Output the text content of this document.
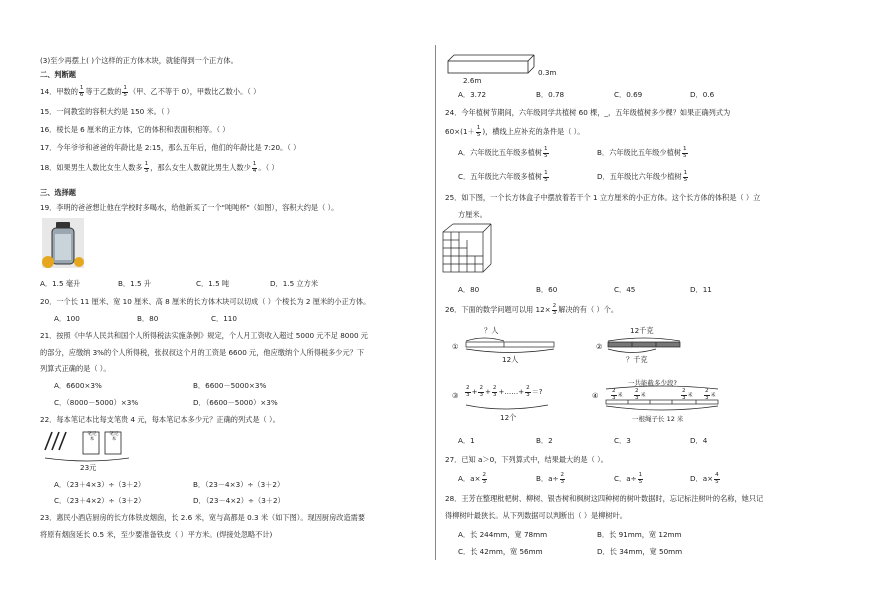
(3)至少再摆上( )个这样的正方体木块，就能得到一个正方体。
二、判断题
14．甲数的 $\frac{1}{6}$ 等于乙数的 $\frac{1}{5}$ （甲、乙不等于 0），甲数比乙数小。（ ）
15．一间教室的容积大约是 150 米。（ ）
16．棱长是 6 厘米的正方体，它的体积和表面积相等。（ ）
17．今年爷爷和爸爸的年龄比是 2:15，那么五年后，他们的年龄比是 7:20。（ ）
18．如果男生人数比女生人数多 $\frac{1}{3}$ ，那么女生人数就比男生人数少 $\frac{1}{4}$ 。（ ）
三、选择题
19．李明的爸爸想让他在学校时多喝水，给他新买了一个"吨吨杯"（如图），容积大约是（ ）。
A．1.5 毫升	B．1.5 升	C．1.5 吨	D．1.5 立方米
20．一个长 11 厘米、宽 10 厘米、高 8 厘米的长方体木块可以切成（ ）个棱长为 2 厘米的小正方体。
A．100	B．80	C．110
21．按照《中华人民共和国个人所得税法实施条例》规定，个人月工资收入超过 5000 元不足 8000 元
的部分，应缴纳 3%的个人所得税，张叔叔这个月的工资是 6600 元，他应缴纳个人所得税多少元？下
列算式正确的是（ ）。
A．6600×3%	B．6600－5000×3%
C．（8000－5000）×3%	D．（6600－5000）×3%
22．每本笔记本比每支笔贵 4 元，每本笔记本多少元？正确的列式是（ ）。
笔记本
笔记本
23元
A．（23＋4×3）÷（3＋2）	B．（23－4×3）÷（3＋2）
C．（23＋4×2）÷（3＋2）	D．（23－4×2）÷（3＋2）
23．惠民小酒店厨房的长方体铁皮烟囱，长 2.6 米，宽与高都是 0.3 米（如下图）。现因厨房改造需要
将原有烟囱延长 0.5 米，至少要准备铁皮（ ）平方米。(焊接处忽略不计)
2.6m
0.3m
A．3.72	B．0.78	C．0.69	D．0.6
24．今年植树节期间，六年级同学共植树 60 棵，_，五年级植树多少棵？如果正确列式为
$60\times(1+ \frac{1}{5}$ )，横线上应补充的条件是（ ）。
A．六年级比五年级多植树 $\frac{1}{5}$	B．六年级比五年级少植树 $\frac{1}{5}$
C．五年级比六年级多植树 $\frac{1}{5}$	D．五年级比六年级少植树 $\frac{1}{5}$
25．如下图，一个长方体盒子中摆放着若干个 1 立方厘米的小正方体。这个长方体的体积是（ ）立
方厘米。
A．80	B．60	C．45	D．11
26．下面的数学问题可以用 $12\times \frac{2}{3}$ 解决的有（ ）个。
①
？人
12人
②
12千克
？千克
③ $\frac{2}{3} + \frac{2}{3} + \frac{2}{3}$ +……+ $\frac{2}{3}$ ＝?
12个
④
一共能截多少段?
$\frac{2}{3}$ 米 $\frac{2}{3}$ 米	$\frac{2}{3}$ 米 $\frac{2}{3}$ 米
一根绳子长 12 米
A．1	B．2	C．3	D．4
27．已知 a＞0，下列算式中，结果最大的是（ ）。
A．$a\times \frac{2}{3}$	B．$a\div \frac{2}{3}$	C．$a\div \frac{1}{5}$	D．$a\times \frac{4}{5}$
28．王芳在整理枇杷树、柳树、银杏树和枫树这四种树的树叶数据时，忘记标注树叶的名称，她只记
得柳树叶最狭长。从下列数据可以判断出（ ）是柳树叶。
A．长 244mm，宽 78mm	B．长 91mm，宽 12mm
C．长 42mm，宽 56mm	D．长 34mm，宽 50mm
